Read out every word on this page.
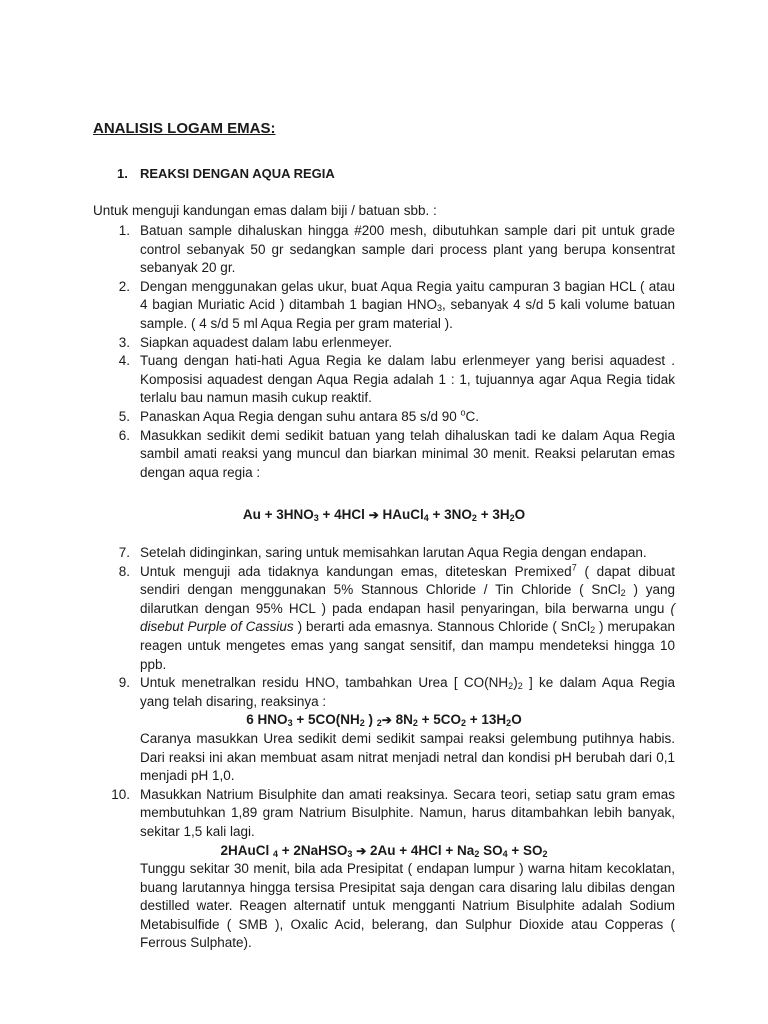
ANALISIS LOGAM EMAS:
1. REAKSI DENGAN AQUA REGIA
Untuk menguji kandungan emas dalam biji / batuan sbb. :
1. Batuan sample dihaluskan hingga #200 mesh, dibutuhkan sample dari pit untuk grade control sebanyak 50 gr sedangkan sample dari process plant yang berupa konsentrat sebanyak 20 gr.
2. Dengan menggunakan gelas ukur, buat Aqua Regia yaitu campuran 3 bagian HCL ( atau 4 bagian Muriatic Acid ) ditambah 1 bagian $HNO_3$, sebanyak 4 s/d 5 kali volume batuan sample. ( 4 s/d 5 ml Aqua Regia per gram material ).
3. Siapkan aquadest dalam labu erlenmeyer.
4. Tuang dengan hati-hati Agua Regia ke dalam labu erlenmeyer yang berisi aquadest . Komposisi aquadest dengan Aqua Regia adalah 1 : 1, tujuannya agar Aqua Regia tidak terlalu bau namun masih cukup reaktif.
5. Panaskan Aqua Regia dengan suhu antara 85 s/d 90 $^o$C.
6. Masukkan sedikit demi sedikit batuan yang telah dihaluskan tadi ke dalam Aqua Regia sambil amati reaksi yang muncul dan biarkan minimal 30 menit. Reaksi pelarutan emas dengan aqua regia :
$Au + 3HNO_3 + 4HCl$ ➔ HAuCl$_4$ + $3NO_2 + 3H_2O$
7. Setelah didinginkan, saring untuk memisahkan larutan Aqua Regia dengan endapan.
8. Untuk menguji ada tidaknya kandungan emas, diteteskan Premixed$^7$ ( dapat dibuat sendiri dengan menggunakan 5% Stannous Chloride / Tin Chloride ( SnCl$_2$ ) yang dilarutkan dengan 95% HCL ) pada endapan hasil penyaringan, bila berwarna ungu ( disebut Purple of Cassius ) berarti ada emasnya. Stannous Chloride ( SnCl$_2$ ) merupakan reagen untuk mengetes emas yang sangat sensitif, dan mampu mendeteksi hingga 10 ppb.
9. Untuk menetralkan residu HNO, tambahkan Urea [ $CO(NH_2)_2$ ] ke dalam Aqua Regia yang telah disaring, reaksinya :
6 $HNO_3 + 5CO(NH_2$ ) $_2$➔ $8N_2 + 5CO_2 + 13H_2O$
Caranya masukkan Urea sedikit demi sedikit sampai reaksi gelembung putihnya habis. Dari reaksi ini akan membuat asam nitrat menjadi netral dan kondisi pH berubah dari 0,1 menjadi pH 1,0.
10. Masukkan Natrium Bisulphite dan amati reaksinya. Secara teori, setiap satu gram emas membutuhkan 1,89 gram Natrium Bisulphite. Namun, harus ditambahkan lebih banyak, sekitar 1,5 kali lagi.
2HAuCl $_4$ + 2NaHSO$_3$ ➔ $2Au + 4HCl + Na_2$ $SO_4 + SO_2$
Tunggu sekitar 30 menit, bila ada Presipitat ( endapan lumpur ) warna hitam kecoklatan, buang larutannya hingga tersisa Presipitat saja dengan cara disaring lalu dibilas dengan destilled water. Reagen alternatif untuk mengganti Natrium Bisulphite adalah Sodium Metabisulfide ( SMB ), Oxalic Acid, belerang, dan Sulphur Dioxide atau Copperas ( Ferrous Sulphate).
